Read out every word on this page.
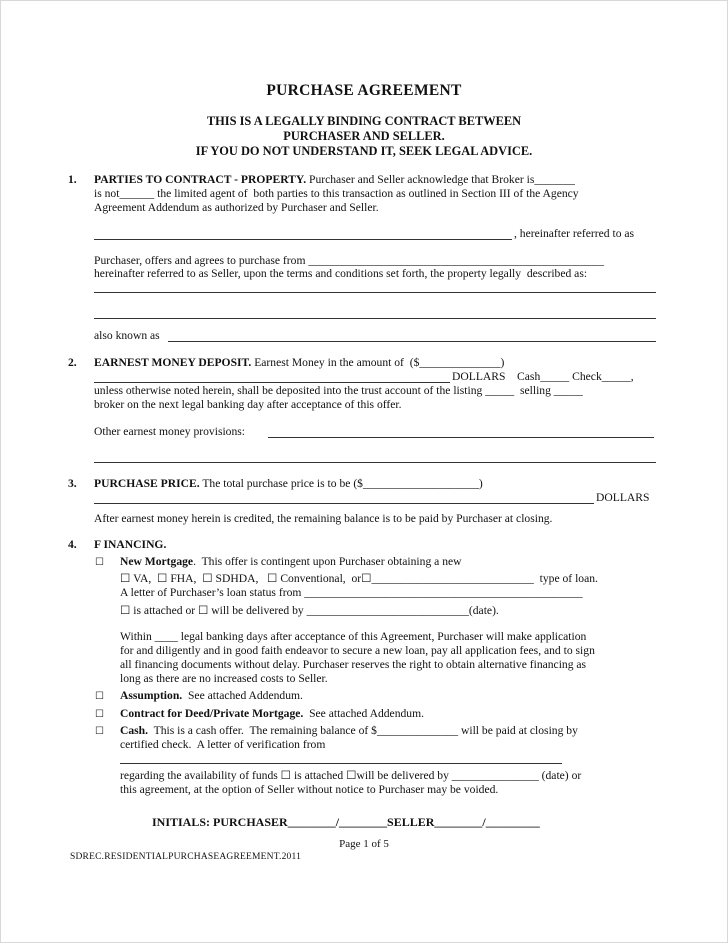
PURCHASE AGREEMENT
THIS IS A LEGALLY BINDING CONTRACT BETWEEN
PURCHASER AND SELLER.
IF YOU DO NOT UNDERSTAND IT, SEEK LEGAL ADVICE.
1. PARTIES TO CONTRACT - PROPERTY. Purchaser and Seller acknowledge that Broker is_______
is not______ the limited agent of  both parties to this transaction as outlined in Section III of the Agency
Agreement Addendum as authorized by Purchaser and Seller.
, hereinafter referred to as
Purchaser, offers and agrees to purchase from ___________________________________________________
hereinafter referred to as Seller, upon the terms and conditions set forth, the property legally  described as:
also known as
2. EARNEST MONEY DEPOSIT. Earnest Money in the amount of  ($______________)
DOLLARS    Cash_____ Check_____,
unless otherwise noted herein, shall be deposited into the trust account of the listing _____  selling _____
broker on the next legal banking day after acceptance of this offer.
Other earnest money provisions:
3. PURCHASE PRICE. The total purchase price is to be ($____________________)
DOLLARS
After earnest money herein is credited, the remaining balance is to be paid by Purchaser at closing.
4. F INANCING.
☐ New Mortgage.  This offer is contingent upon Purchaser obtaining a new
☐ VA,  ☐ FHA,  ☐ SDHDA,   ☐ Conventional,  or☐____________________________  type of loan.
A letter of Purchaser’s loan status from ________________________________________________
☐ is attached or ☐ will be delivered by ____________________________(date).
Within ____ legal banking days after acceptance of this Agreement, Purchaser will make application
for and diligently and in good faith endeavor to secure a new loan, pay all application fees, and to sign
all financing documents without delay. Purchaser reserves the right to obtain alternative financing as
long as there are no increased costs to Seller.
☐ Assumption.  See attached Addendum.
☐ Contract for Deed/Private Mortgage.  See attached Addendum.
☐ Cash.  This is a cash offer.  The remaining balance of $______________ will be paid at closing by
certified check.  A letter of verification from
regarding the availability of funds ☐ is attached ☐will be delivered by _______________ (date) or
this agreement, at the option of Seller without notice to Purchaser may be voided.
INITIALS: PURCHASER________/________SELLER________/_________
Page 1 of 5
SDREC.RESIDENTIALPURCHASEAGREEMENT.2011
